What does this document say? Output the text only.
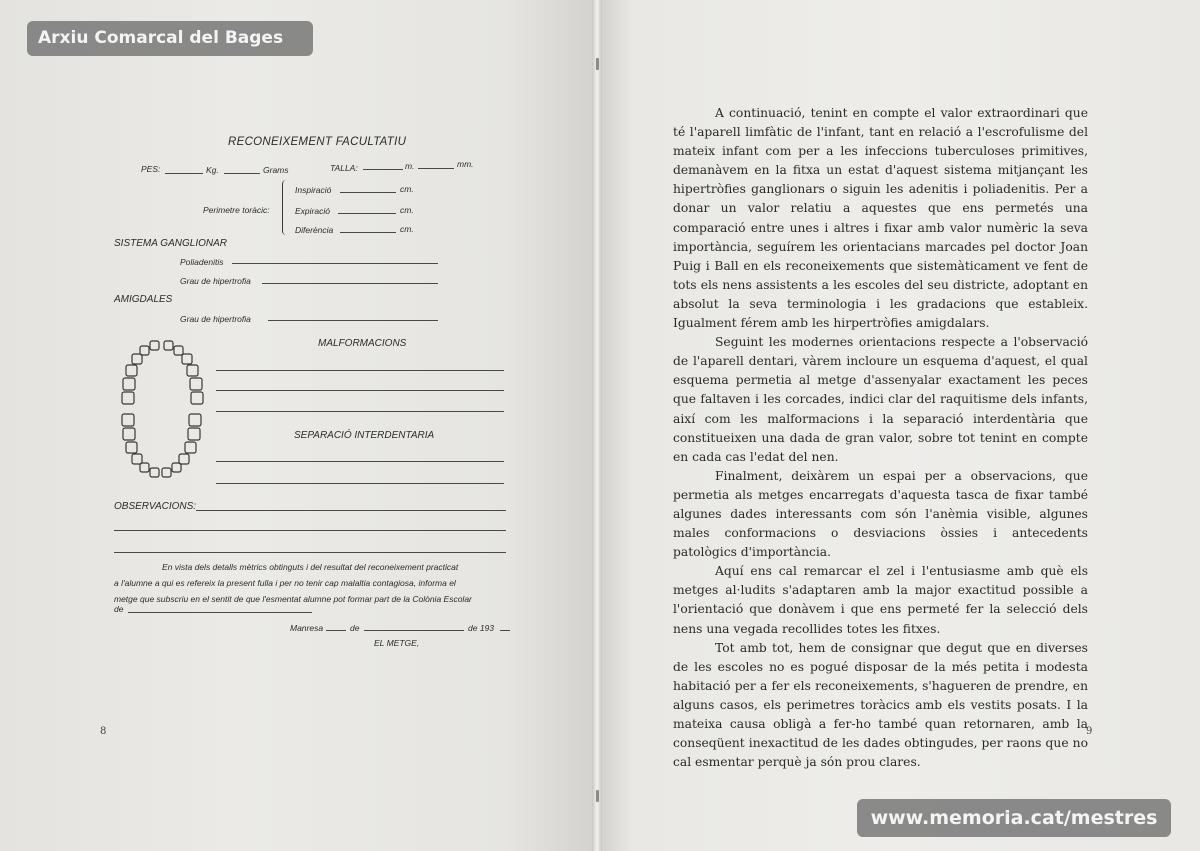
RECONEIXEMENT FACULTATIU
PES:	Kg.	Grams	TALLA:	m.	mm.
Perimetre toràcic:
Inspiració	cm.
Expiració	cm.
Diferència	cm.
SISTEMA GANGLIONAR
Poliadenitis
Grau de hipertrofia
AMIGDALES
Grau de hipertrofia
MALFORMACIONS
SEPARACIÓ INTERDENTARIA
OBSERVACIONS:
En vista dels detalls mètrics obtinguts i del resultat del reconeixement practicat
a l'alumne a qui es refereix la present fulla i per no tenir cap malaltia contagiosa, informa el
metge que subscriu en el sentit de que l'esmentat alumne pot formar part de la Colònia Escolar
de
Manresa	de	de 193
EL METGE,
8

A continuació, tenint en compte el valor extraordinari que té l'aparell limfàtic de l'infant, tant en relació a l'escrofulisme del mateix infant com per a les infeccions tuberculoses primitives, demanàvem en la fitxa un estat d'aquest sistema mitjançant les hipertròfies ganglionars o siguin les adenitis i poliadenitis. Per a donar un valor relatiu a aquestes que ens permetés una comparació entre unes i altres i fixar amb valor numèric la seva importància, seguírem les orientacians marcades pel doctor Joan Puig i Ball en els reconeixements que sistemàticament ve fent de tots els nens assistents a les escoles del seu districte, adoptant en absolut la seva terminologia i les gradacions que estableix. Igualment férem amb les hirpertròfies amigdalars.

Seguint les modernes orientacions respecte a l'observació de l'aparell dentari, vàrem incloure un esquema d'aquest, el qual esquema permetia al metge d'assenyalar exactament les peces que faltaven i les corcades, indici clar del raquitisme dels infants, així com les malformacions i la separació interdentària que constitueixen una dada de gran valor, sobre tot tenint en compte en cada cas l'edat del nen.

Finalment, deixàrem un espai per a observacions, que permetia als metges encarregats d'aquesta tasca de fixar també algunes dades interessants com són l'anèmia visible, algunes males conformacions o desviacions òssies i antecedents patològics d'importància.

Aquí ens cal remarcar el zel i l'entusiasme amb què els metges al·ludits s'adaptaren amb la major exactitud possible a l'orientació que donàvem i que ens permeté fer la selecció dels nens una vegada recollides totes les fitxes.

Tot amb tot, hem de consignar que degut que en diverses de les escoles no es pogué disposar de la més petita i modesta habitació per a fer els reconeixements, s'hagueren de prendre, en alguns casos, els perimetres toràcics amb els vestits posats. I la mateixa causa obligà a fer-ho també quan retornaren, amb la conseqüent inexactitud de les dades obtingudes, per raons que no cal esmentar perquè ja són prou clares.

9
Arxiu Comarcal del Bages
www.memoria.cat/mestres
